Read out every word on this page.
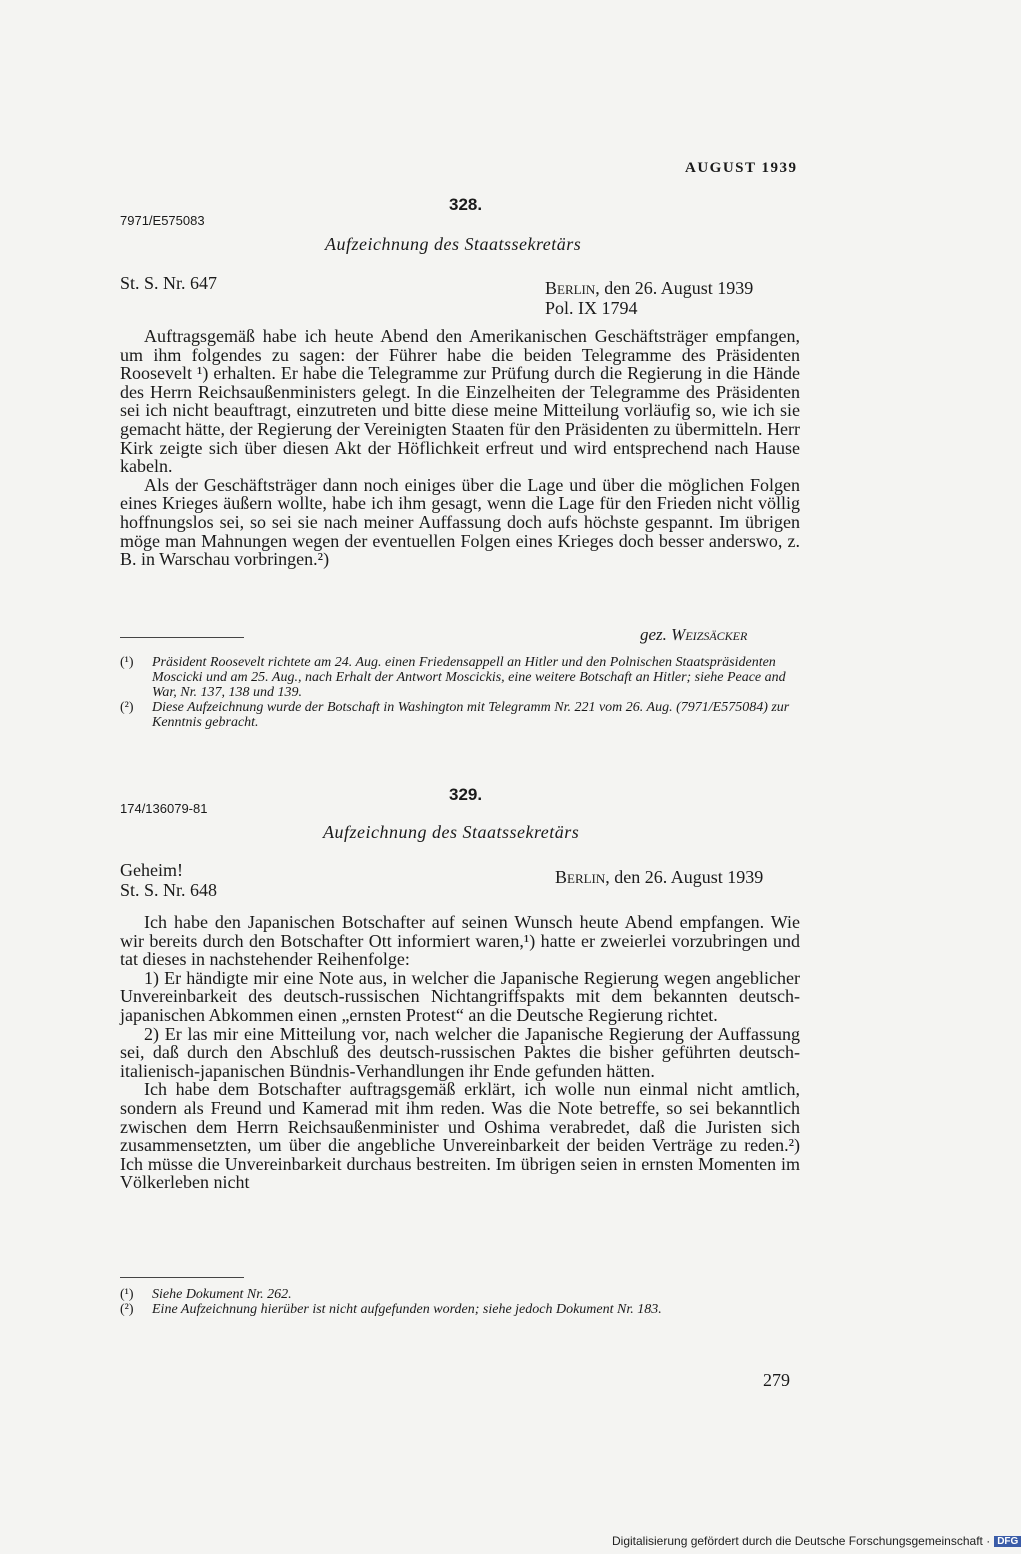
AUGUST 1939
328.
7971/E575083
Aufzeichnung des Staatssekretärs
St. S. Nr. 647	Berlin, den 26. August 1939
Pol. IX 1794

Auftragsgemäß habe ich heute Abend den Amerikanischen Geschäftsträger empfangen, um ihm folgendes zu sagen: der Führer habe die beiden Telegramme des Präsidenten Roosevelt ¹) erhalten. Er habe die Telegramme zur Prüfung durch die Regierung in die Hände des Herrn Reichsaußenministers gelegt. In die Einzelheiten der Telegramme des Präsidenten sei ich nicht beauftragt, einzutreten und bitte diese meine Mitteilung vorläufig so, wie ich sie gemacht hätte, der Regierung der Vereinigten Staaten für den Präsidenten zu übermitteln. Herr Kirk zeigte sich über diesen Akt der Höflichkeit erfreut und wird entsprechend nach Hause kabeln.

Als der Geschäftsträger dann noch einiges über die Lage und über die möglichen Folgen eines Krieges äußern wollte, habe ich ihm gesagt, wenn die Lage für den Frieden nicht völlig hoffnungslos sei, so sei sie nach meiner Auffassung doch aufs höchste gespannt. Im übrigen möge man Mahnungen wegen der eventuellen Folgen eines Krieges doch besser anderswo, z. B. in Warschau vorbringen.²)

gez. Weizsäcker
(¹) Präsident Roosevelt richtete am 24. Aug. einen Friedensappell an Hitler und den Polnischen Staatspräsidenten Moscicki und am 25. Aug., nach Erhalt der Antwort Moscickis, eine weitere Botschaft an Hitler; siehe Peace and War, Nr. 137, 138 und 139.
(²) Diese Aufzeichnung wurde der Botschaft in Washington mit Telegramm Nr. 221 vom 26. Aug. (7971/E575084) zur Kenntnis gebracht.
329.
174/136079-81
Aufzeichnung des Staatssekretärs
Geheim!
St. S. Nr. 648
Berlin, den 26. August 1939

Ich habe den Japanischen Botschafter auf seinen Wunsch heute Abend empfangen. Wie wir bereits durch den Botschafter Ott informiert waren,¹) hatte er zweierlei vorzubringen und tat dieses in nachstehender Reihenfolge:

1) Er händigte mir eine Note aus, in welcher die Japanische Regierung wegen angeblicher Unvereinbarkeit des deutsch-russischen Nichtangriffspakts mit dem bekannten deutsch-japanischen Abkommen einen „ernsten Protest“ an die Deutsche Regierung richtet.

2) Er las mir eine Mitteilung vor, nach welcher die Japanische Regierung der Auffassung sei, daß durch den Abschluß des deutsch-russischen Paktes die bisher geführten deutsch-italienisch-japanischen Bündnis-Verhandlungen ihr Ende gefunden hätten.

Ich habe dem Botschafter auftragsgemäß erklärt, ich wolle nun einmal nicht amtlich, sondern als Freund und Kamerad mit ihm reden. Was die Note betreffe, so sei bekanntlich zwischen dem Herrn Reichsaußenminister und Oshima verabredet, daß die Juristen sich zusammensetzten, um über die angebliche Unvereinbarkeit der beiden Verträge zu reden.²) Ich müsse die Unvereinbarkeit durchaus bestreiten. Im übrigen seien in ernsten Momenten im Völkerleben nicht

(¹) Siehe Dokument Nr. 262.
(²) Eine Aufzeichnung hierüber ist nicht aufgefunden worden; siehe jedoch Dokument Nr. 183.
279
Digitalisierung gefördert durch die Deutsche Forschungsgemeinschaft · DFG
